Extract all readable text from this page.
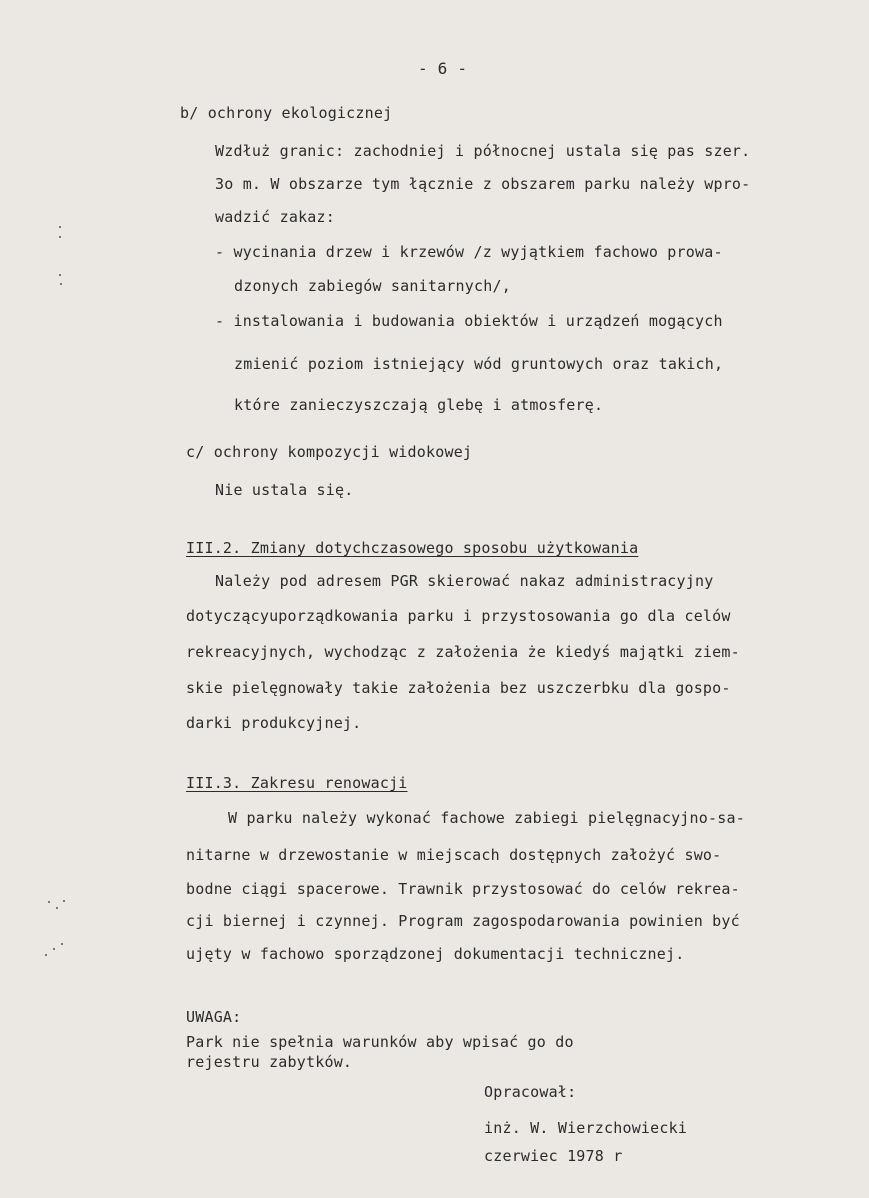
- 6 -
b/ ochrony ekologicznej
Wzdłuż granic: zachodniej i północnej ustala się pas szer.
3o m. W obszarze tym łącznie z obszarem parku należy wpro-
wadzić zakaz:
- wycinania drzew i krzewów /z wyjątkiem fachowo prowa-
dzonych zabiegów sanitarnych/,
- instalowania i budowania obiektów i urządzeń mogących
zmienić poziom istniejący wód gruntowych oraz takich,
które zanieczyszczają glebę i atmosferę.
c/ ochrony kompozycji widokowej
Nie ustala się.
III.2. Zmiany dotychczasowego sposobu użytkowania
Należy pod adresem PGR skierować nakaz administracyjny
dotyczącyuporządkowania parku i przystosowania go dla celów
rekreacyjnych, wychodząc z założenia że kiedyś majątki ziem-
skie pielęgnowały takie założenia bez uszczerbku dla gospo-
darki produkcyjnej.
III.3. Zakresu renowacji
W parku należy wykonać fachowe zabiegi pielęgnacyjno-sa-
nitarne w drzewostanie w miejscach dostępnych założyć swo-
bodne ciągi spacerowe. Trawnik przystosować do celów rekrea-
cji biernej i czynnej. Program zagospodarowania powinien być
ujęty w fachowo sporządzonej dokumentacji technicznej.
UWAGA:
Park nie spełnia warunków aby wpisać go do
rejestru zabytków.
Opracował:
inż. W. Wierzchowiecki
czerwiec 1978 r
